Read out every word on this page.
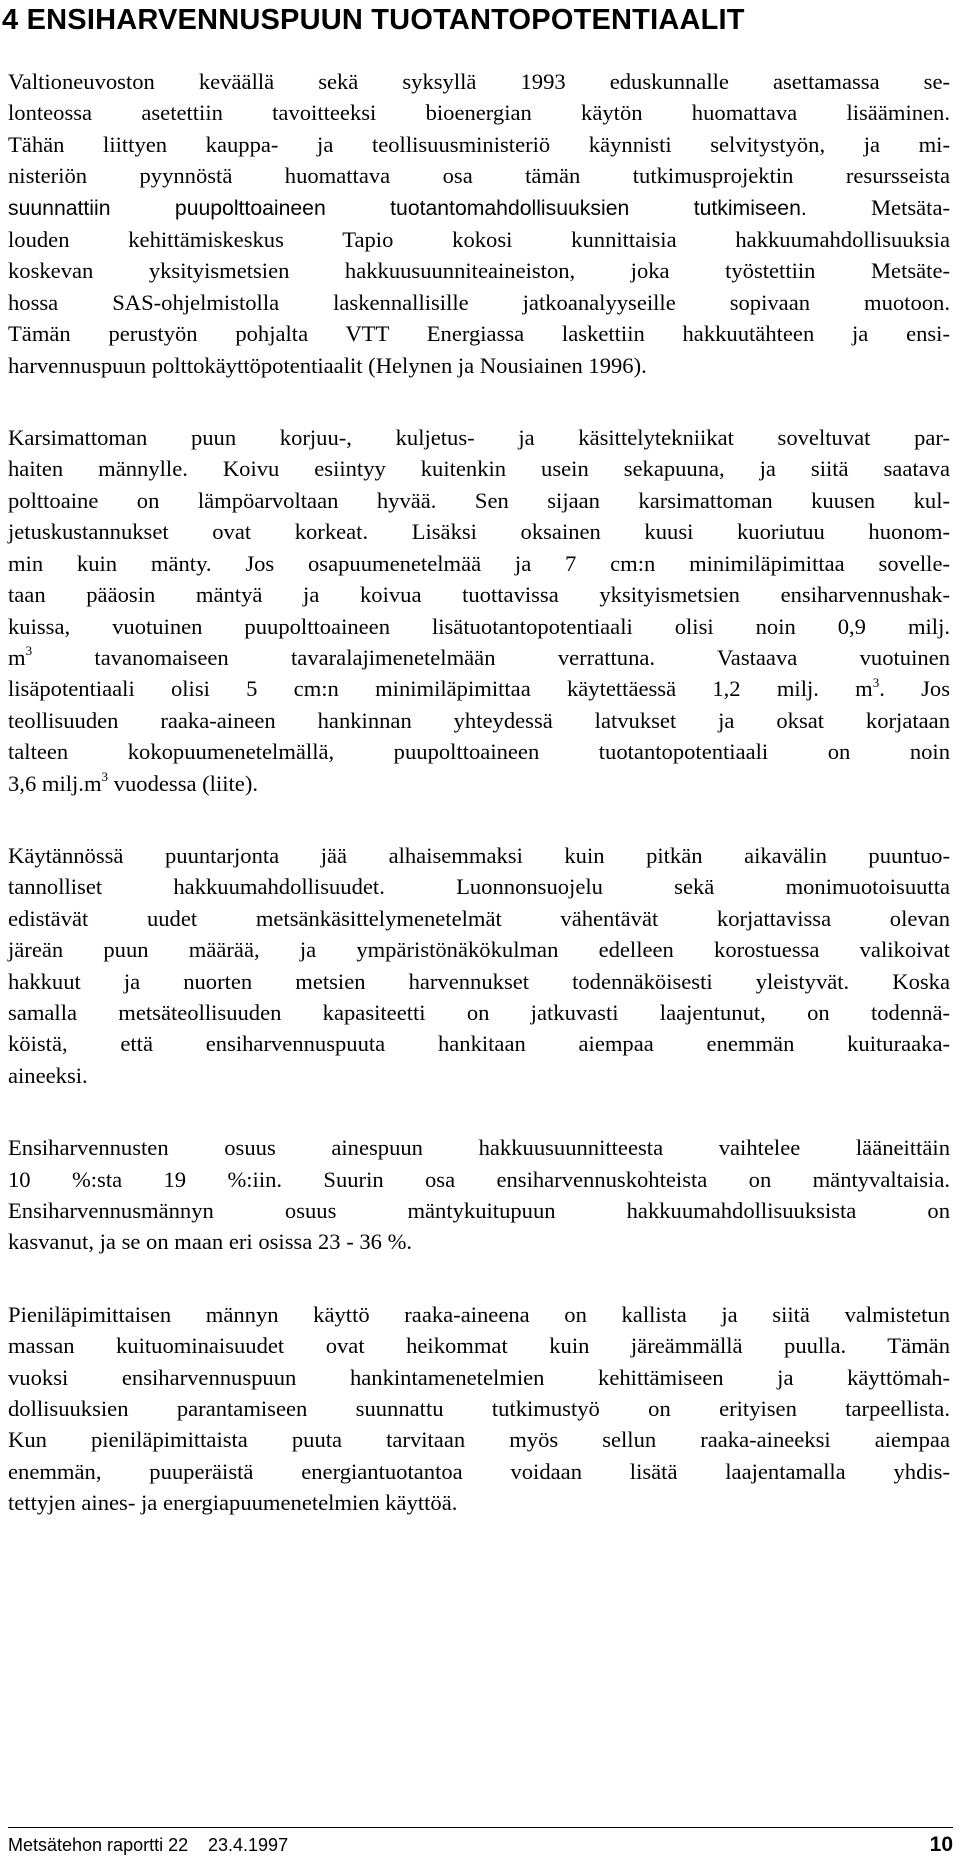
4 ENSIHARVENNUSPUUN TUOTANTOPOTENTIAALIT

Valtioneuvoston keväällä sekä syksyllä 1993 eduskunnalle asettamassa se-
lonteossa asetettiin tavoitteeksi bioenergian käytön huomattava lisääminen.
Tähän liittyen kauppa- ja teollisuusministeriö käynnisti selvitystyön, ja mi-
nisteriön pyynnöstä huomattava osa tämän tutkimusprojektin resursseista
suunnattiin puupolttoaineen tuotantomahdollisuuksien tutkimiseen. Metsäta-
louden kehittämiskeskus Tapio kokosi kunnittaisia hakkuumahdollisuuksia
koskevan yksityismetsien hakkuusuunniteaineiston, joka työstettiin Metsäte-
hossa SAS-ohjelmistolla laskennallisille jatkoanalyyseille sopivaan muotoon.
Tämän perustyön pohjalta VTT Energiassa laskettiin hakkuutähteen ja ensi-
harvennuspuun polttokäyttöpotentiaalit (Helynen ja Nousiainen 1996).

Karsimattoman puun korjuu-, kuljetus- ja käsittelytekniikat soveltuvat par-
haiten männylle. Koivu esiintyy kuitenkin usein sekapuuna, ja siitä saatava
polttoaine on lämpöarvoltaan hyvää. Sen sijaan karsimattoman kuusen kul-
jetuskustannukset ovat korkeat. Lisäksi oksainen kuusi kuoriutuu huonom-
min kuin mänty. Jos osapuumenetelmää ja 7 cm:n minimiläpimittaa sovelle-
taan pääosin mäntyä ja koivua tuottavissa yksityismetsien ensiharvennushak-
kuissa, vuotuinen puupolttoaineen lisätuotantopotentiaali olisi noin 0,9 milj.
$m^3$ tavanomaiseen tavaralajimenetelmään verrattuna. Vastaava vuotuinen
lisäpotentiaali olisi 5 cm:n minimiläpimittaa käytettäessä 1,2 milj. $m^3$. Jos
teollisuuden raaka-aineen hankinnan yhteydessä latvukset ja oksat korjataan
talteen kokopuumenetelmällä, puupolttoaineen tuotantopotentiaali on noin
3,6 $milj.m^3$ vuodessa (liite).

Käytännössä puuntarjonta jää alhaisemmaksi kuin pitkän aikavälin puuntuo-
tannolliset hakkuumahdollisuudet. Luonnonsuojelu sekä monimuotoisuutta
edistävät uudet metsänkäsittelymenetelmät vähentävät korjattavissa olevan
järeän puun määrää, ja ympäristönäkökulman edelleen korostuessa valikoivat
hakkuut ja nuorten metsien harvennukset todennäköisesti yleistyvät. Koska
samalla metsäteollisuuden kapasiteetti on jatkuvasti laajentunut, on todennä-
köistä, että ensiharvennuspuuta hankitaan aiempaa enemmän kuituraaka-
aineeksi.

Ensiharvennusten osuus ainespuun hakkuusuunnitteesta vaihtelee lääneittäin
10 %:sta 19 %:iin. Suurin osa ensiharvennuskohteista on mäntyvaltaisia.
Ensiharvennusmännyn osuus mäntykuitupuun hakkuumahdollisuuksista on
kasvanut, ja se on maan eri osissa 23 - 36 %.

Pieniläpimittaisen männyn käyttö raaka-aineena on kallista ja siitä valmistetun
massan kuituominaisuudet ovat heikommat kuin järeämmällä puulla. Tämän
vuoksi ensiharvennuspuun hankintamenetelmien kehittämiseen ja käyttömah-
dollisuuksien parantamiseen suunnattu tutkimustyö on erityisen tarpeellista.
Kun pieniläpimittaista puuta tarvitaan myös sellun raaka-aineeksi aiempaa
enemmän, puuperäistä energiantuotantoa voidaan lisätä laajentamalla yhdis-
tettyjen aines- ja energiapuumenetelmien käyttöä.

Metsätehon raportti 22 23.4.1997	10
